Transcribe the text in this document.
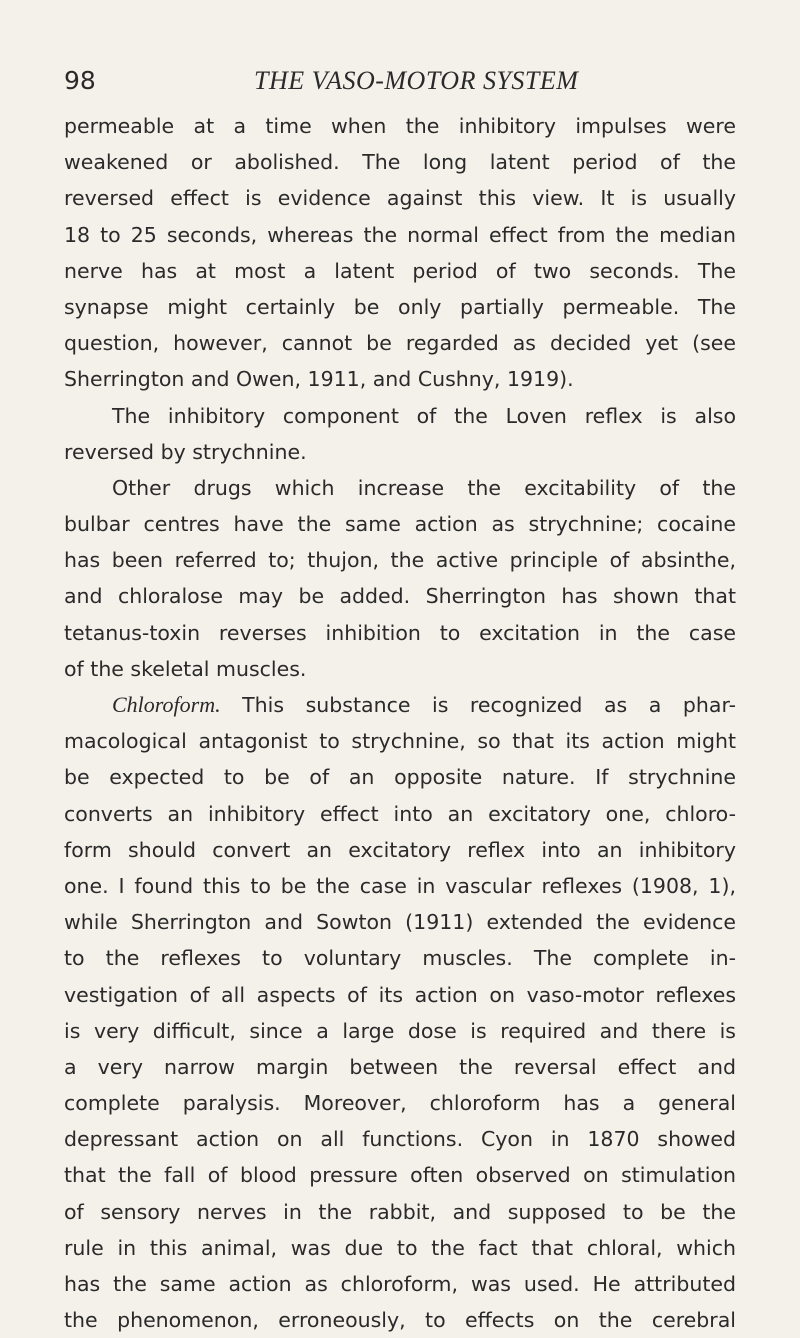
98	THE VASO-MOTOR SYSTEM
permeable at a time when the inhibitory impulses were
weakened or abolished. The long latent period of the
reversed effect is evidence against this view. It is usually
18 to 25 seconds, whereas the normal effect from the median
nerve has at most a latent period of two seconds. The
synapse might certainly be only partially permeable. The
question, however, cannot be regarded as decided yet (see
Sherrington and Owen, 1911, and Cushny, 1919).
The inhibitory component of the Loven reflex is also
reversed by strychnine.
Other drugs which increase the excitability of the
bulbar centres have the same action as strychnine; cocaine
has been referred to; thujon, the active principle of absinthe,
and chloralose may be added. Sherrington has shown that
tetanus-toxin reverses inhibition to excitation in the case
of the skeletal muscles.
Chloroform. This substance is recognized as a phar-
macological antagonist to strychnine, so that its action might
be expected to be of an opposite nature. If strychnine
converts an inhibitory effect into an excitatory one, chloro-
form should convert an excitatory reflex into an inhibitory
one. I found this to be the case in vascular reflexes (1908, 1),
while Sherrington and Sowton (1911) extended the evidence
to the reflexes to voluntary muscles. The complete in-
vestigation of all aspects of its action on vaso-motor reflexes
is very difficult, since a large dose is required and there is
a very narrow margin between the reversal effect and
complete paralysis. Moreover, chloroform has a general
depressant action on all functions. Cyon in 1870 showed
that the fall of blood pressure often observed on stimulation
of sensory nerves in the rabbit, and supposed to be the
rule in this animal, was due to the fact that chloral, which
has the same action as chloroform, was used. He attributed
the phenomenon, erroneously, to effects on the cerebral
